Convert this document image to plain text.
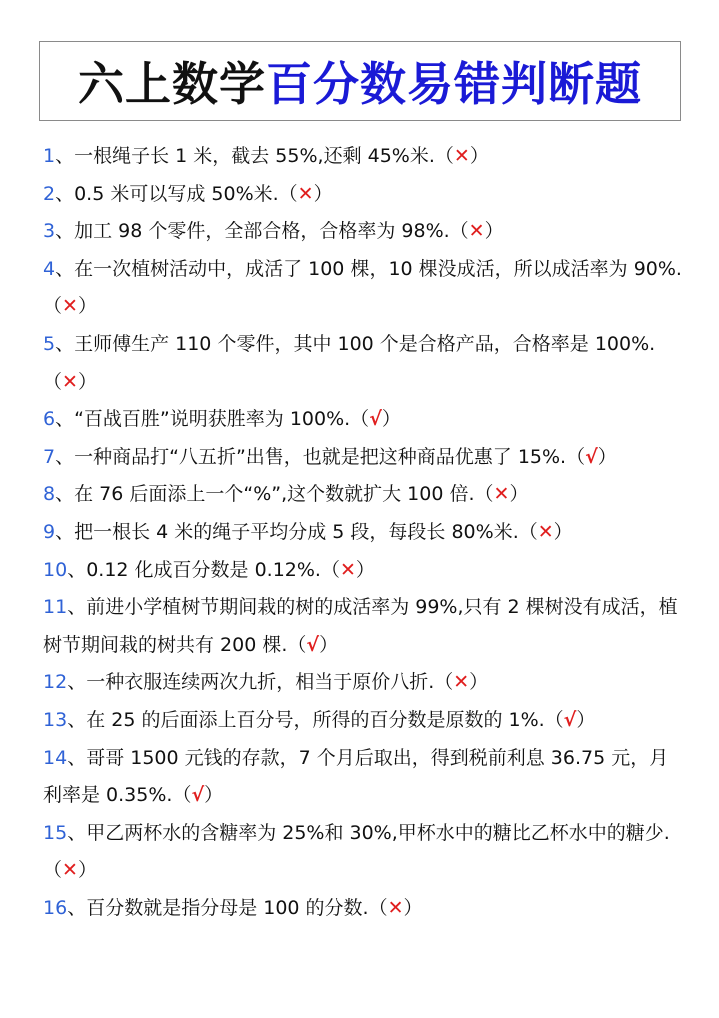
六上数学 百分数易错判断题
1、一根绳子长 1 米，截去 55%,还剩 45%米.（✕）
2、0.5 米可以写成 50%米.（✕）
3、加工 98 个零件，全部合格，合格率为 98%.（✕）
4、在一次植树活动中，成活了 100 棵，10 棵没成活，所以成活率为 90%.（✕）
5、王师傅生产 110 个零件，其中 100 个是合格产品，合格率是 100%.（✕）
6、“百战百胜”说明获胜率为 100%.（√）
7、一种商品打“八五折”出售，也就是把这种商品优惠了 15%.（√）
8、在 76 后面添上一个“%”,这个数就扩大 100 倍.（✕）
9、把一根长 4 米的绳子平均分成 5 段，每段长 80%米.（✕）
10、0.12 化成百分数是 0.12%.（✕）
11、前进小学植树节期间栽的树的成活率为 99%,只有 2 棵树没有成活，植树节期间栽的树共有 200 棵.（√）
12、一种衣服连续两次九折，相当于原价八折.（✕）
13、在 25 的后面添上百分号，所得的百分数是原数的 1%.（√）
14、哥哥 1500 元钱的存款，7 个月后取出，得到税前利息 36.75 元，月利率是 0.35%.（√）
15、甲乙两杯水的含糖率为 25%和 30%,甲杯水中的糖比乙杯水中的糖少.（✕）
16、百分数就是指分母是 100 的分数.（✕）
